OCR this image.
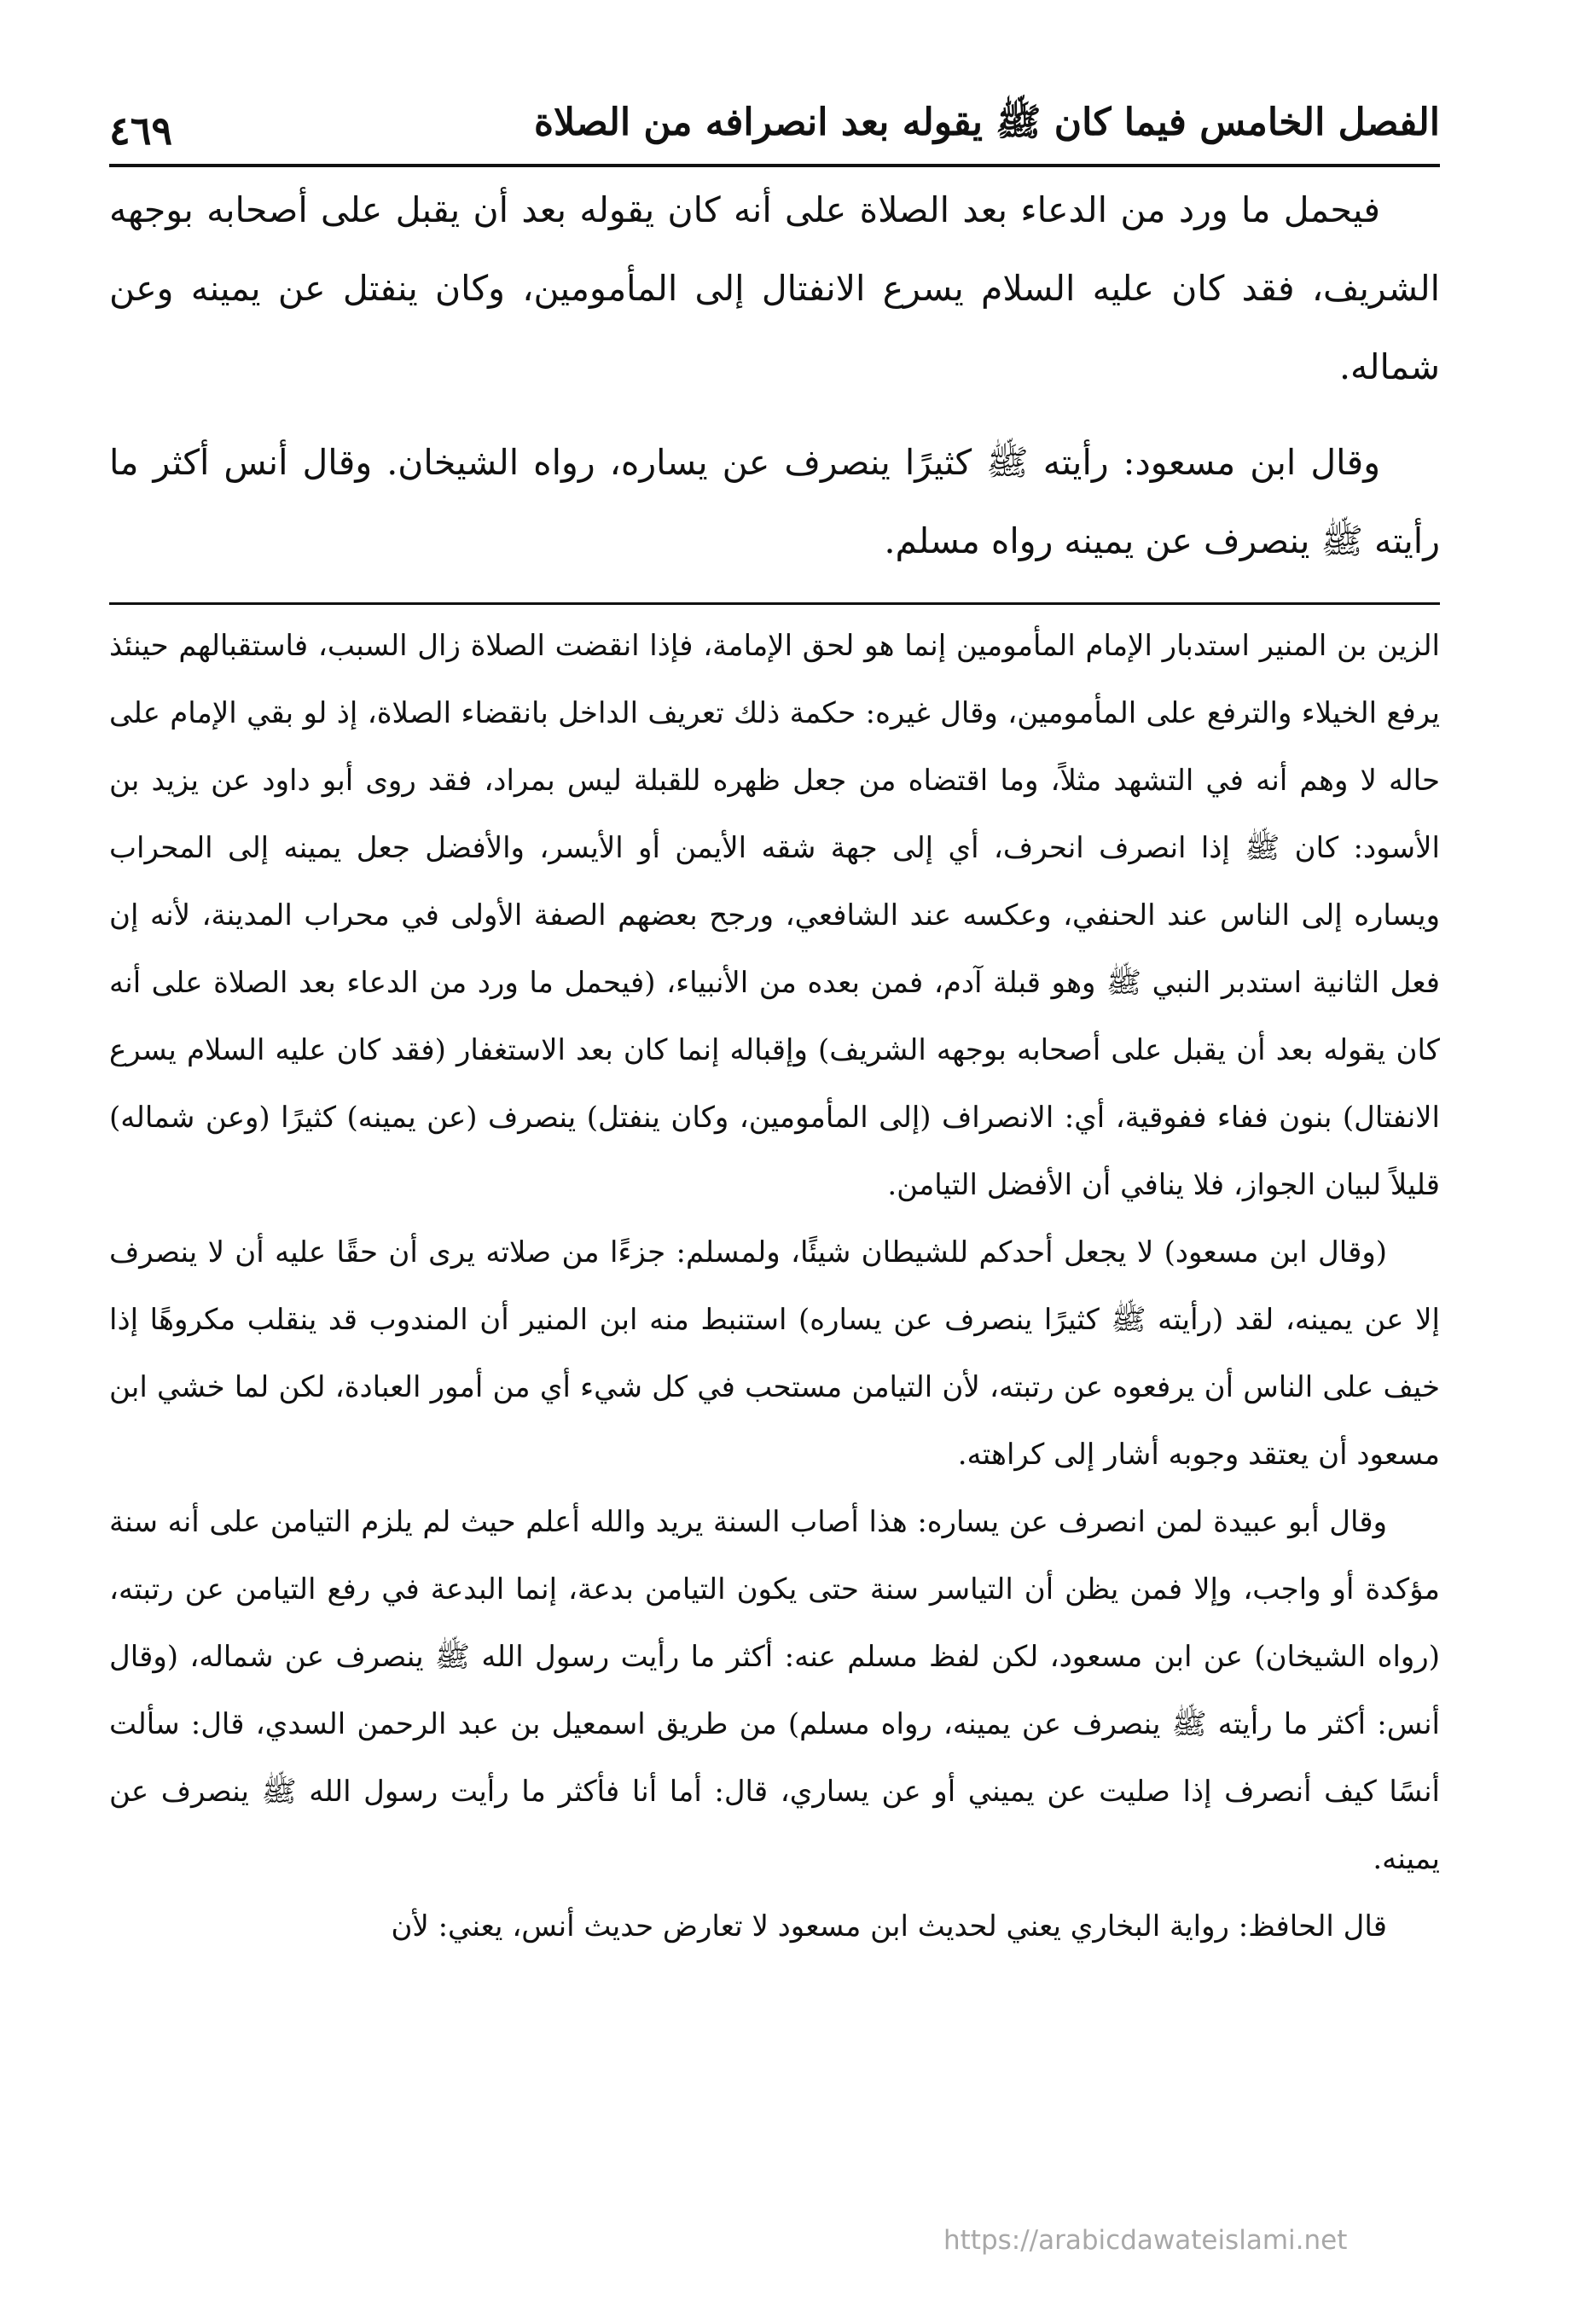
الفصل الخامس فيما كان ﷺ يقوله بعد انصرافه من الصلاة
٤٦٩

فيحمل ما ورد من الدعاء بعد الصلاة على أنه كان يقوله بعد أن يقبل على أصحابه بوجهه الشريف، فقد كان عليه السلام يسرع الانفتال إلى المأمومين، وكان ينفتل عن يمينه وعن شماله.

وقال ابن مسعود: رأيته ﷺ كثيرًا ينصرف عن يساره، رواه الشيخان. وقال أنس أكثر ما رأيته ﷺ ينصرف عن يمينه رواه مسلم.

الزين بن المنير استدبار الإمام المأمومين إنما هو لحق الإمامة، فإذا انقضت الصلاة زال السبب، فاستقبالهم حينئذ يرفع الخيلاء والترفع على المأمومين، وقال غيره: حكمة ذلك تعريف الداخل بانقضاء الصلاة، إذ لو بقي الإمام على حاله لا وهم أنه في التشهد مثلاً، وما اقتضاه من جعل ظهره للقبلة ليس بمراد، فقد روى أبو داود عن يزيد بن الأسود: كان ﷺ إذا انصرف انحرف، أي إلى جهة شقه الأيمن أو الأيسر، والأفضل جعل يمينه إلى المحراب ويساره إلى الناس عند الحنفي، وعكسه عند الشافعي، ورجح بعضهم الصفة الأولى في محراب المدينة، لأنه إن فعل الثانية استدبر النبي ﷺ وهو قبلة آدم، فمن بعده من الأنبياء، (فيحمل ما ورد من الدعاء بعد الصلاة على أنه كان يقوله بعد أن يقبل على أصحابه بوجهه الشريف) وإقباله إنما كان بعد الاستغفار (فقد كان عليه السلام يسرع الانفتال) بنون ففاء ففوقية، أي: الانصراف (إلى المأمومين، وكان ينفتل) ينصرف (عن يمينه) كثيرًا (وعن شماله) قليلاً لبيان الجواز، فلا ينافي أن الأفضل التيامن.

(وقال ابن مسعود) لا يجعل أحدكم للشيطان شيئًا، ولمسلم: جزءًا من صلاته يرى أن حقًا عليه أن لا ينصرف إلا عن يمينه، لقد (رأيته ﷺ كثيرًا ينصرف عن يساره) استنبط منه ابن المنير أن المندوب قد ينقلب مكروهًا إذا خيف على الناس أن يرفعوه عن رتبته، لأن التيامن مستحب في كل شيء أي من أمور العبادة، لكن لما خشي ابن مسعود أن يعتقد وجوبه أشار إلى كراهته.

وقال أبو عبيدة لمن انصرف عن يساره: هذا أصاب السنة يريد والله أعلم حيث لم يلزم التيامن على أنه سنة مؤكدة أو واجب، وإلا فمن يظن أن التياسر سنة حتى يكون التيامن بدعة، إنما البدعة في رفع التيامن عن رتبته، (رواه الشيخان) عن ابن مسعود، لكن لفظ مسلم عنه: أكثر ما رأيت رسول الله ﷺ ينصرف عن شماله، (وقال أنس: أكثر ما رأيته ﷺ ينصرف عن يمينه، رواه مسلم) من طريق اسمعيل بن عبد الرحمن السدي، قال: سألت أنسًا كيف أنصرف إذا صليت عن يميني أو عن يساري، قال: أما أنا فأكثر ما رأيت رسول الله ﷺ ينصرف عن يمينه.

قال الحافظ: رواية البخاري يعني لحديث ابن مسعود لا تعارض حديث أنس، يعني: لأن

https://arabicdawateislami.net
